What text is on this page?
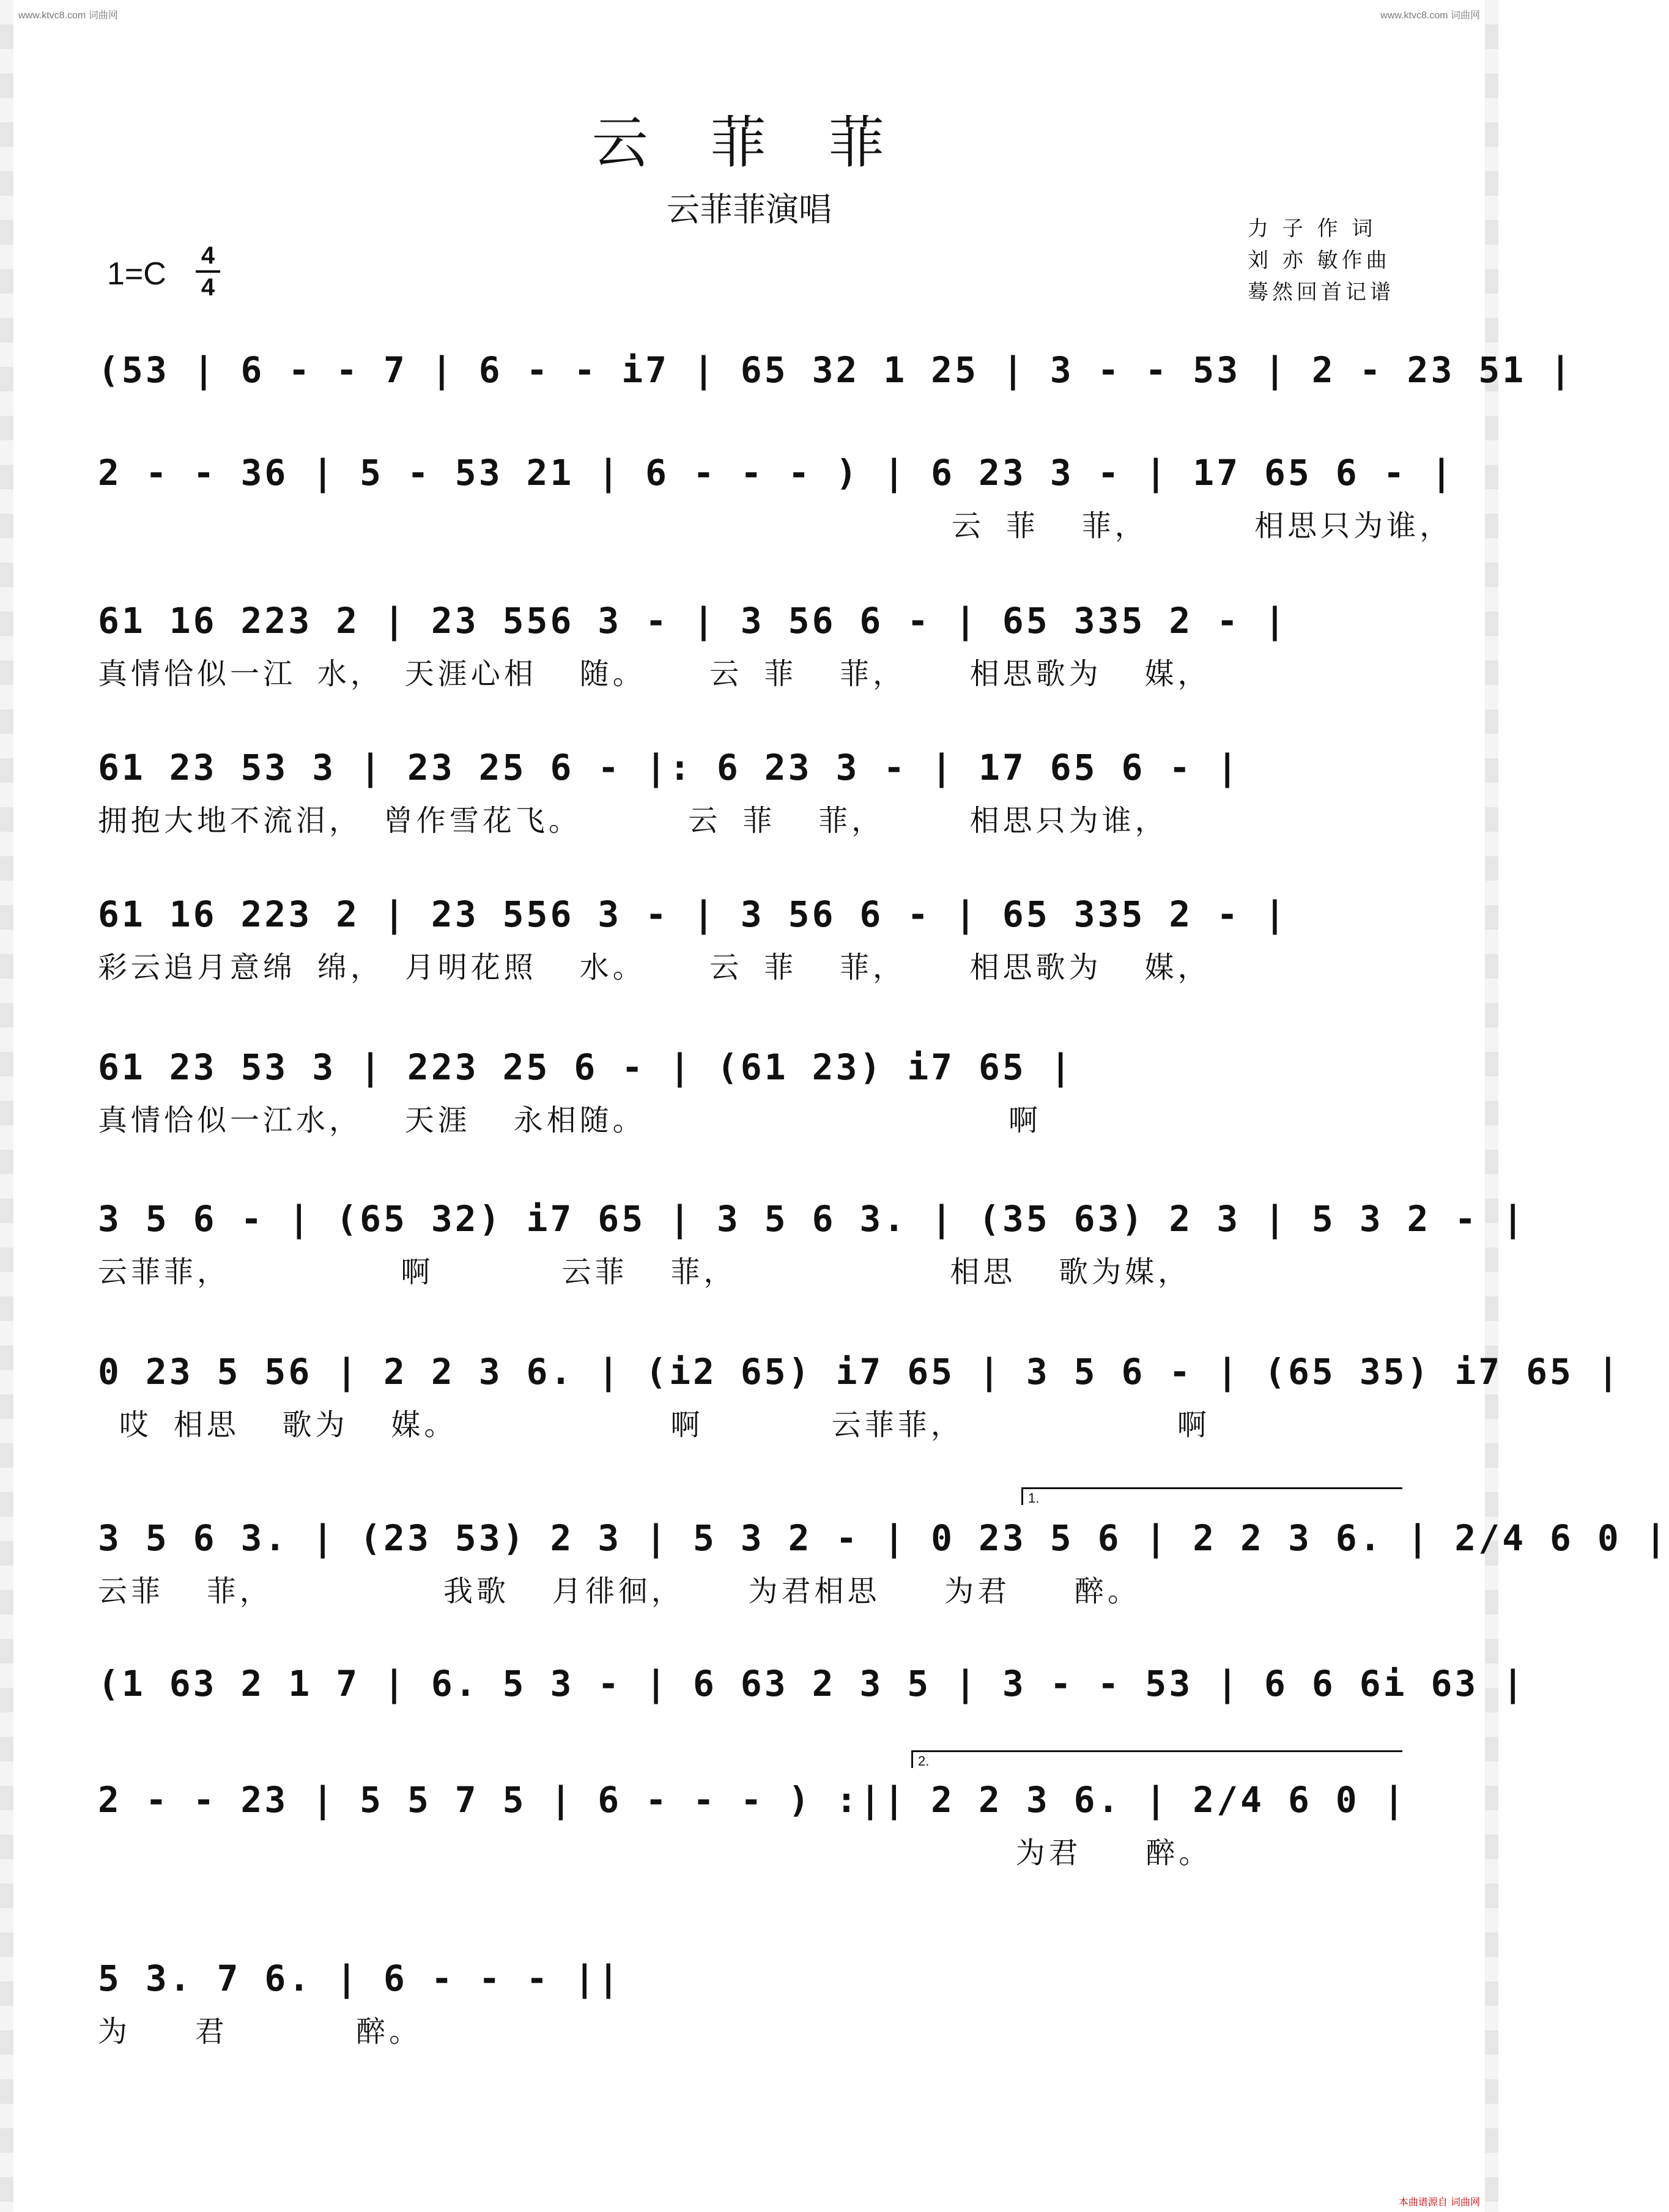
www.ktvc8.com 词曲网	www.ktvc8.com 词曲网
云 菲 菲
云菲菲演唱
1=C
4
4
力 子 作 词
刘 亦 敏作曲
蓦然回首记谱
(53 | 6 - - 7 | 6 - - i7 | 65 32 1 25 | 3 - - 53 | 2 - 23 51 |
2 - - 36 | 5 - 53 21 | 6 - - - ) | 6 23 3 - | 17 65 6 - |
云 菲  菲，     相思只为谁，
61 16 223 2 | 23 556 3 - | 3 56 6 - | 65 335 2 - |
真情恰似一江 水， 天涯心相  随。   云 菲  菲，   相思歌为  媒，
61 23 53 3 | 23 25 6 - |: 6 23 3 - | 17 65 6 - |
拥抱大地不流泪， 曾作雪花飞。     云 菲  菲，    相思只为谁，
61 16 223 2 | 23 556 3 - | 3 56 6 - | 65 335 2 - |
彩云追月意绵 绵， 月明花照  水。   云 菲  菲，   相思歌为  媒，
61 23 53 3 | 223 25 6 - | (61 23) i7 65 |
真情恰似一江水，  天涯  永相随。                 啊
3 5 6 - | (65 32) i7 65 | 3 5 6 3. | (35 63) 2 3 | 5 3 2 - |
云菲菲，        啊      云菲  菲，          相思  歌为媒，
0 23 5 56 | 2 2 3 6. | (i2 65) i7 65 | 3 5 6 - | (65 35) i7 65 |
哎 相思  歌为  媒。          啊      云菲菲，          啊
1.
3 5 6 3. | (23 53) 2 3 | 5 3 2 - | 0 23 5 6 | 2 2 3 6. | 2/4 6 0 |
云菲  菲，        我歌  月徘徊，   为君相思   为君   醉。
(1 63 2 1 7 | 6. 5 3 - | 6 63 2 3 5 | 3 - - 53 | 6 6 6i 63 |
2.
2 - - 23 | 5 5 7 5 | 6 - - - ) :|| 2 2 3 6. | 2/4 6 0 |
为君   醉。
5 3. 7 6. | 6 - - - ||
为   君      醉。
本曲谱源自 词曲网
